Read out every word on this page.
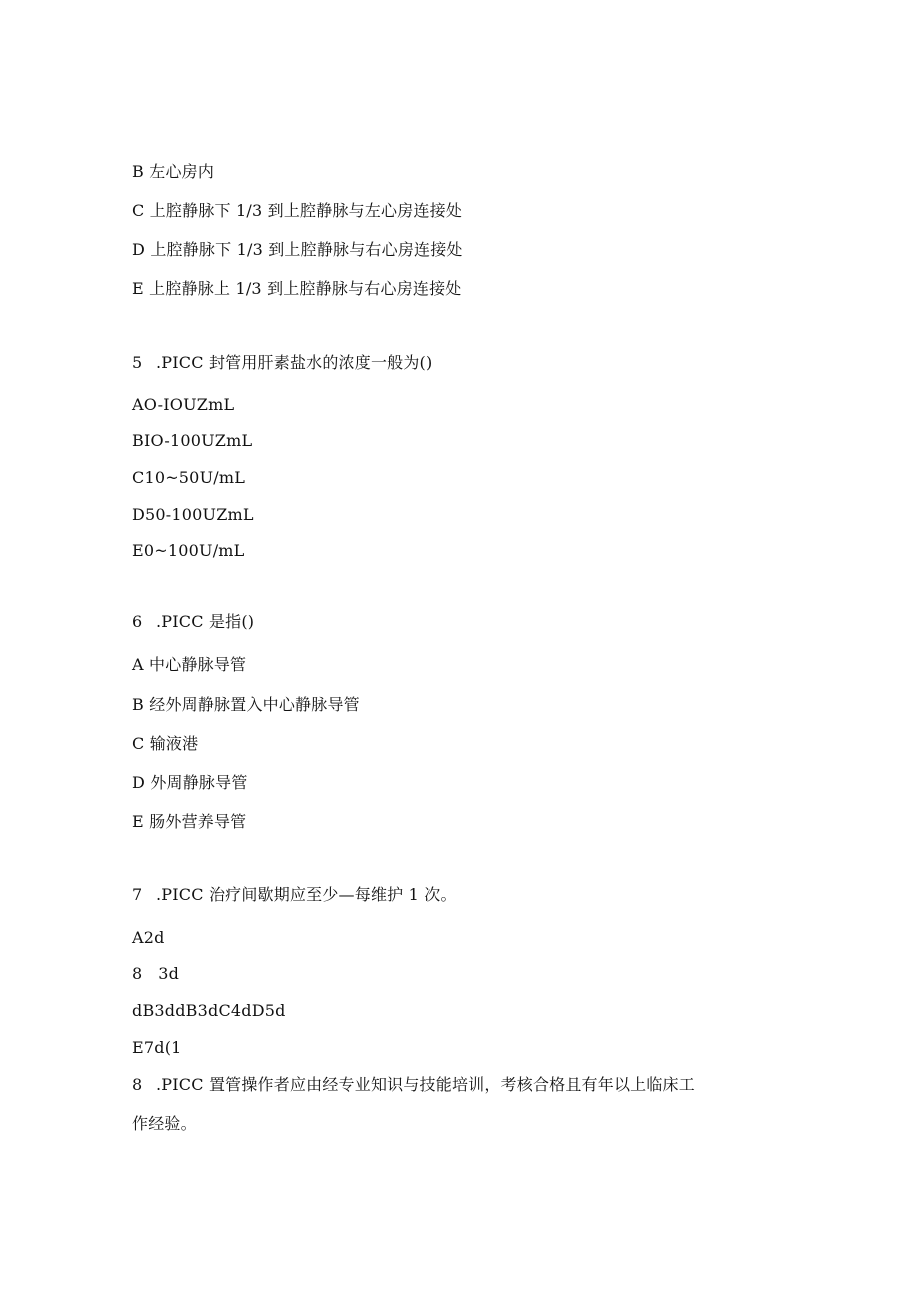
B 左心房内
C 上腔静脉下 1/3 到上腔静脉与左心房连接处
D 上腔静脉下 1/3 到上腔静脉与右心房连接处
E 上腔静脉上 1/3 到上腔静脉与右心房连接处
5 .PICC 封管用肝素盐水的浓度一般为()
AO-IOUZmL
BIO-100UZmL
C10~50U∕mL
D50-100UZmL
E0~100U∕mL
6 .PICC 是指()
A 中心静脉导管
B 经外周静脉置入中心静脉导管
C 输液港
D 外周静脉导管
E 肠外营养导管
7 .PICC 治疗间歇期应至少—每维护 1 次。
A2d
8   3d
dB3ddB3dC4dD5d
E7d(1
8 .PICC 置管操作者应由经专业知识与技能培训，考核合格且有年以上临床工
作经验。
